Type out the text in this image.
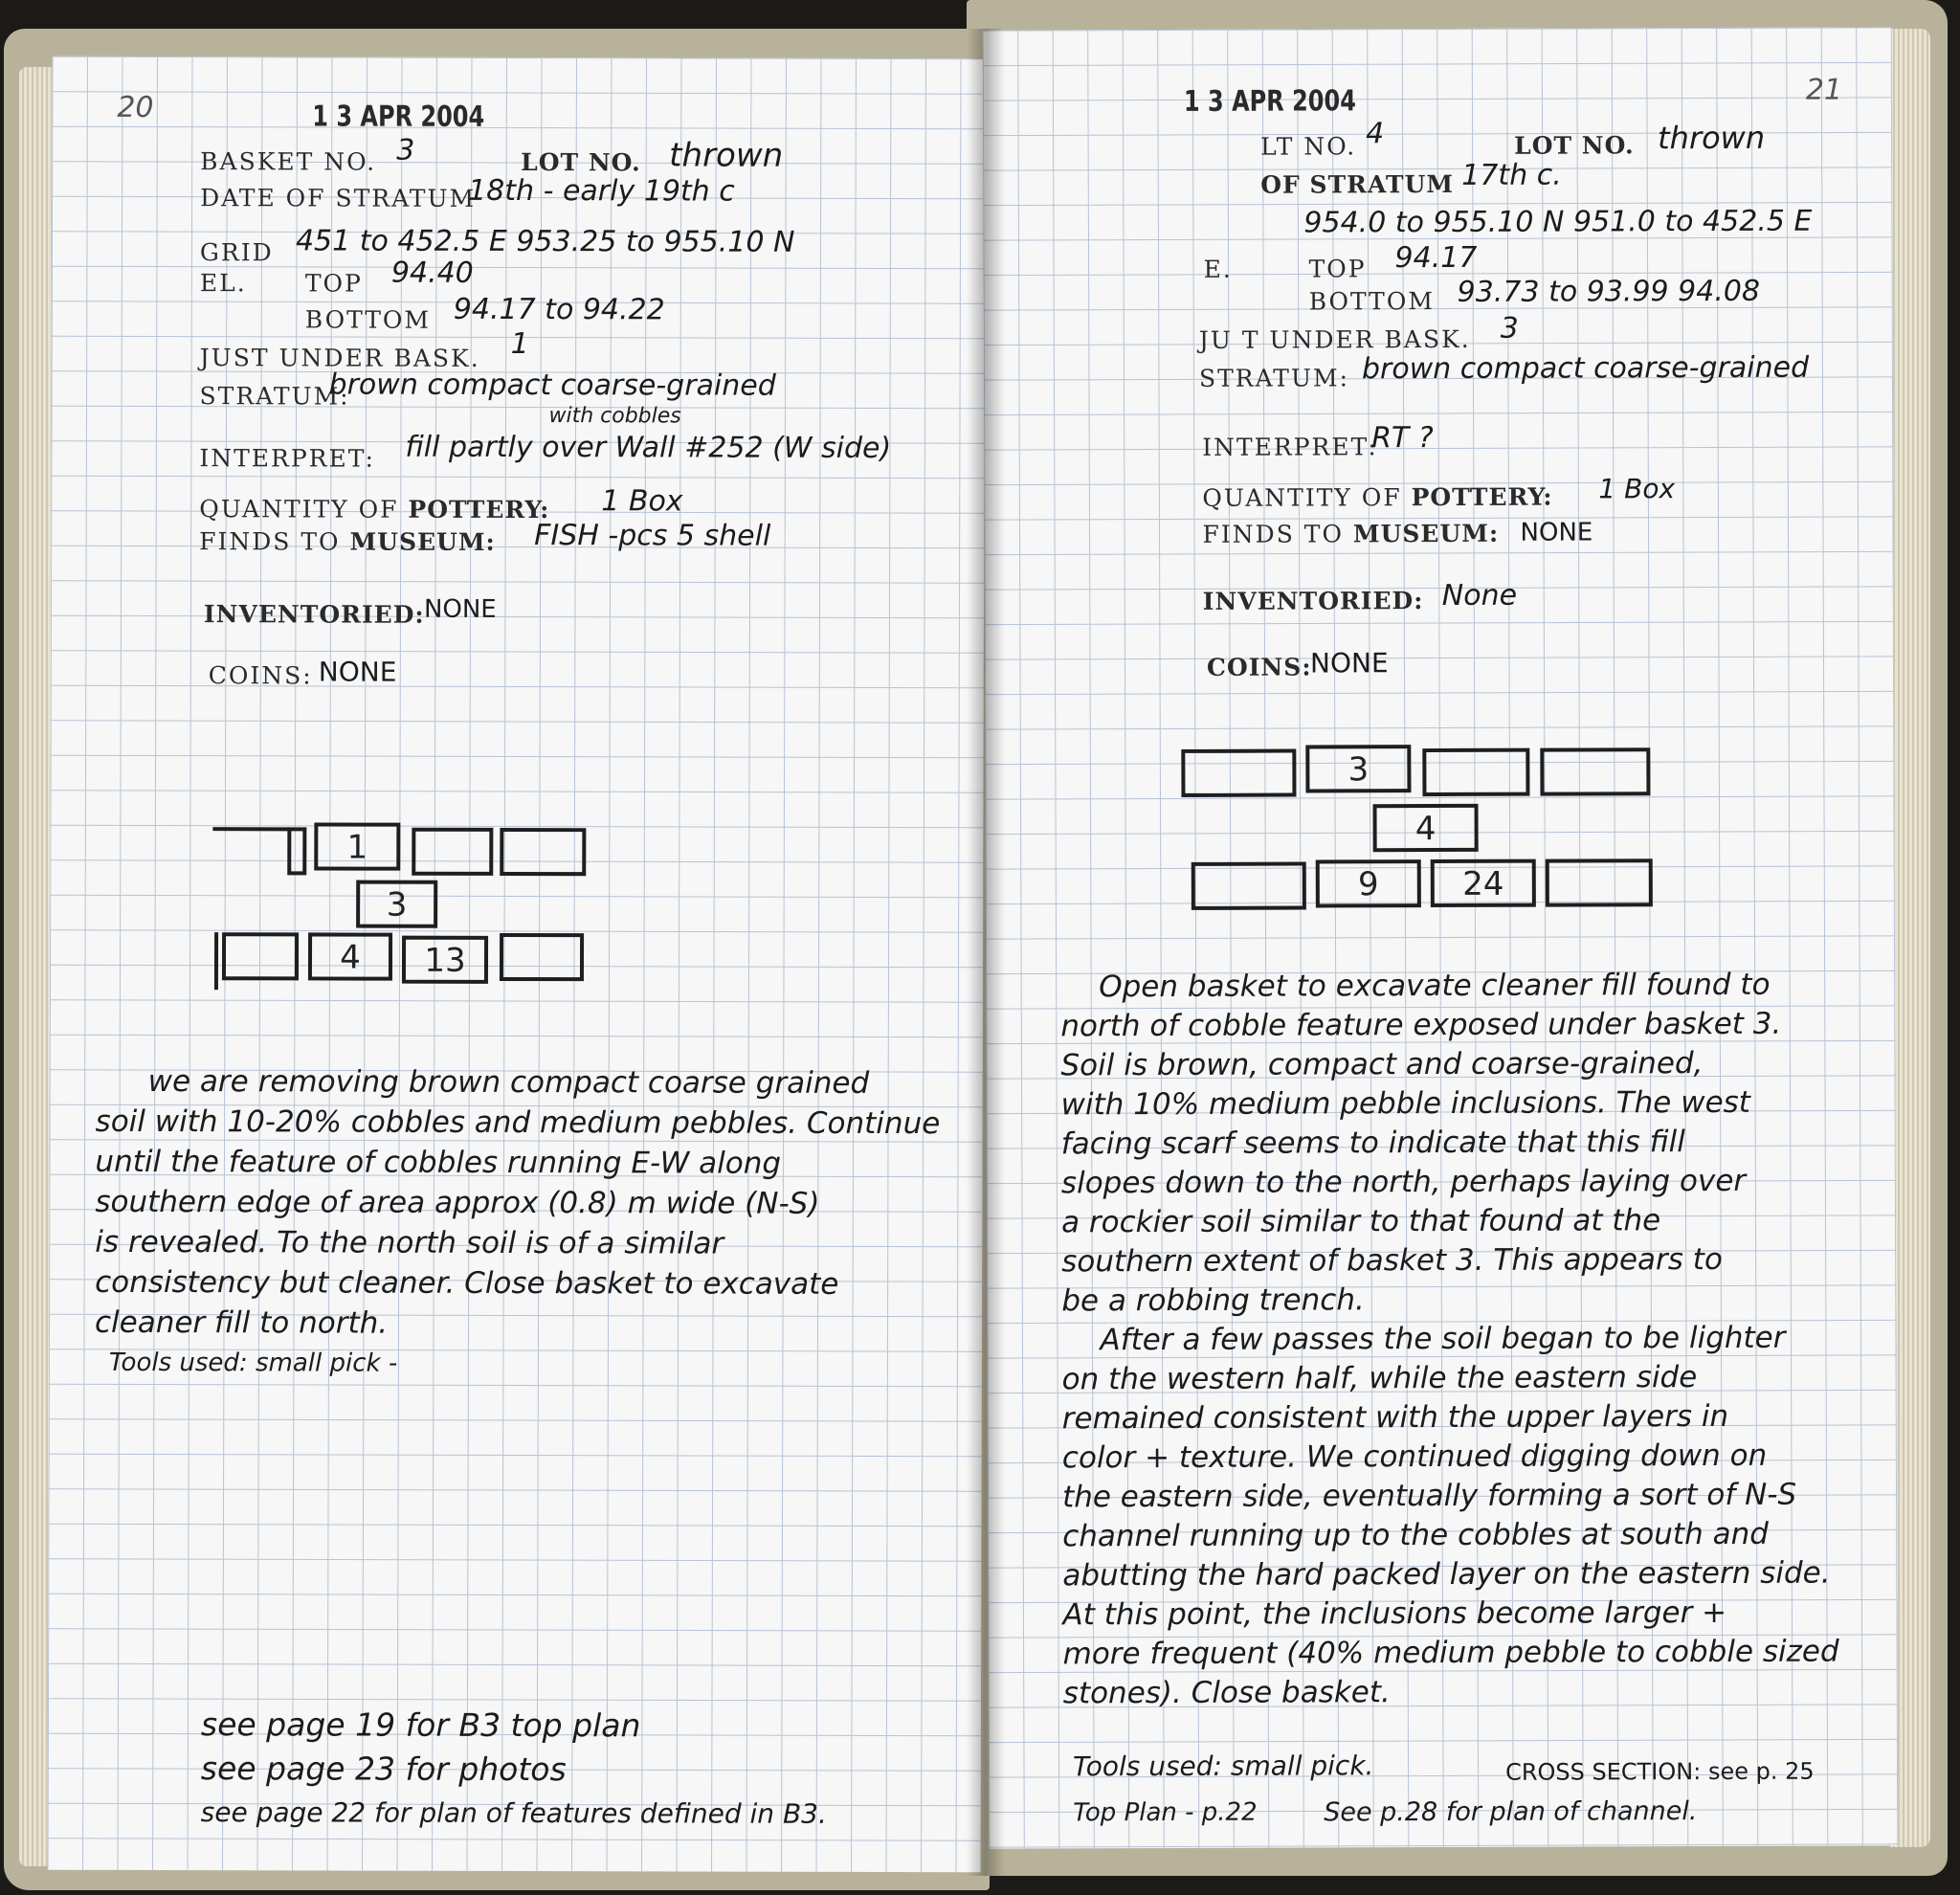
20	1 3 APR 2004
BASKET NO. 3	LOT NO. thrown
DATE OF STRATUM
18th - early 19th c
GRID 451 to 452.5 E 953.25 to 955.10 N
EL. TOP 94.40
BOTTOM 94.17 to 94.22
JUST UNDER BASK. 1
STRATUM:
brown compact coarse-grained
with cobbles
INTERPRET: fill partly over Wall #252 (W side)
QUANTITY OF POTTERY: 1 Box
FINDS TO MUSEUM: FISH -pcs 5 shell
INVENTORIED: NONE
COINS: NONE
1
3
4	13
we are removing brown compact coarse grained
soil with 10-20% cobbles and medium pebbles. Continue
until the feature of cobbles running E-W along
southern edge of area approx (0.8) m wide (N-S)
is revealed. To the north soil is of a similar
consistency but cleaner. Close basket to excavate
cleaner fill to north.
Tools used: small pick -
see page 19 for B3 top plan
see page 23 for photos
see page 22 for plan of features defined in B3.
21
1 3 APR 2004
LT NO. 4	LOT NO. thrown
OF STRATUM 17th c.
954.0 to 955.10 N 951.0 to 452.5 E
E.	TOP 94.17
BOTTOM 93.73 to 93.99 94.08
JU T UNDER BASK. 3
STRATUM: brown compact coarse-grained
INTERPRET:
RT ?
QUANTITY OF POTTERY: 1 Box
FINDS TO MUSEUM: NONE
INVENTORIED: None
COINS:
NONE
3
4
9	24
Open basket to excavate cleaner fill found to
north of cobble feature exposed under basket 3.
Soil is brown, compact and coarse-grained,
with 10% medium pebble inclusions. The west
facing scarf seems to indicate that this fill
slopes down to the north, perhaps laying over
a rockier soil similar to that found at the
southern extent of basket 3. This appears to
be a robbing trench.
After a few passes the soil began to be lighter
on the western half, while the eastern side
remained consistent with the upper layers in
color + texture. We continued digging down on
the eastern side, eventually forming a sort of N-S
channel running up to the cobbles at south and
abutting the hard packed layer on the eastern side.
At this point, the inclusions become larger +
more frequent (40% medium pebble to cobble sized
stones). Close basket.
Tools used: small pick.	CROSS SECTION: see p. 25
Top Plan - p.22	See p.28 for plan of channel.
